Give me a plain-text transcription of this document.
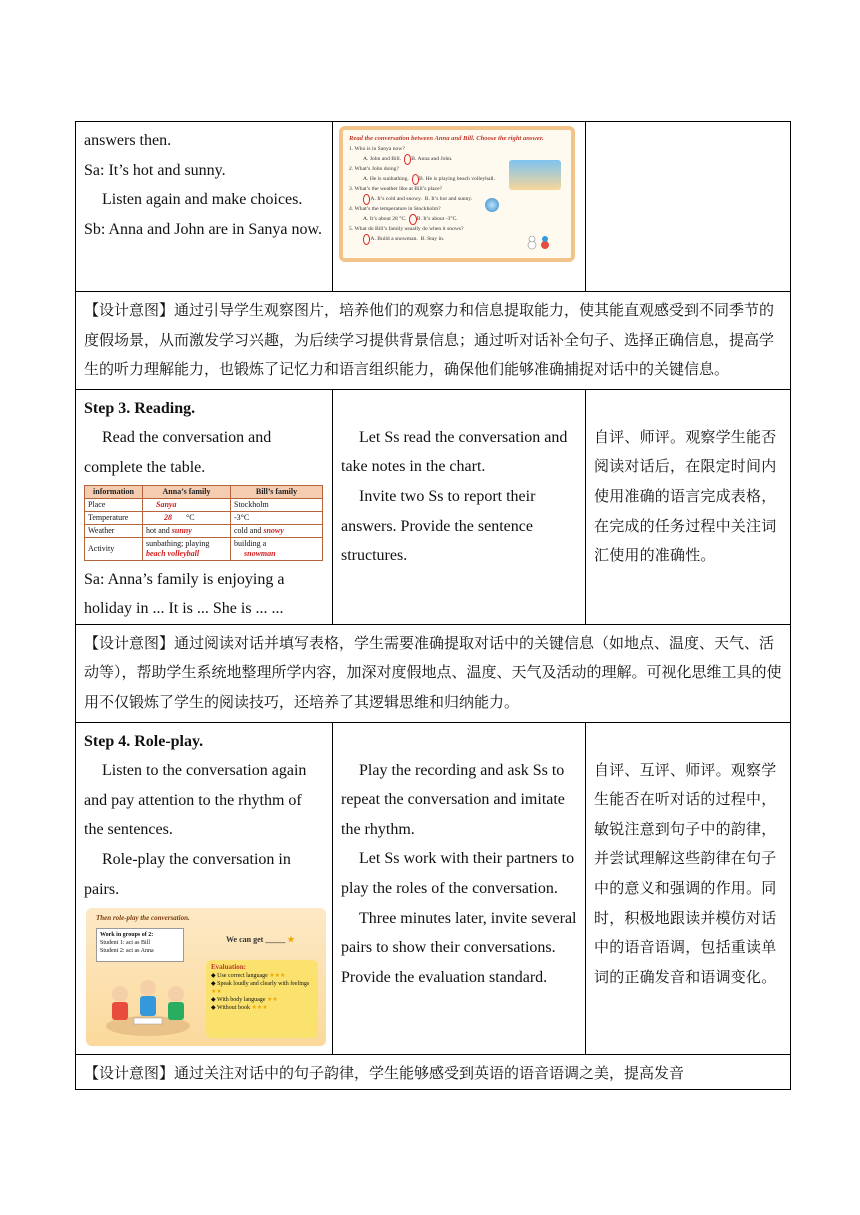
answers then.

Sa: It’s hot and sunny.

Listen again and make choices.

Sb: Anna and John are in Sanya now.

Read the conversation between Anna and Bill. Choose the right answer.
1. Who is in Sanya now?
A. John and Bill. B. Anna and John.
2. What’s John doing?
A. He is sunbathing. B. He is playing beach volleyball.
3. What’s the weather like at Bill’s place?
A. It’s cold and snowy. B. It’s hot and sunny.
4. What’s the temperature in Stockholm?
A. It’s about 28 °C. B. It’s about -3°C.
5. What do Bill’s family usually do when it snows?
A. Build a snowman. B. Stay in.

【设计意图】通过引导学生观察图片，培养他们的观察力和信息提取能力，使其能直观感受到不同季节的度假场景，从而激发学习兴趣，为后续学习提供背景信息；通过听对话补全句子、选择正确信息，提高学生的听力理解能力，也锻炼了记忆力和语言组织能力，确保他们能够准确捕捉对话中的关键信息。

Step 3. Reading.

Read the conversation and complete the table.

information	Anna’s family	Bill’s family
Place	Sanya	Stockholm
Temperature	28 °C	-3°C
Weather	hot and sunny	cold and snowy
Activity	sunbathing; playing beach volleyball	building a
snowman

Sa: Anna’s family is enjoying a holiday in ... It is ... She is ... ...

Let Ss read the conversation and take notes in the chart.

Invite two Ss to report their answers. Provide the sentence structures.

自评、师评。观察学生能否阅读对话后，在限定时间内使用准确的语言完成表格，在完成的任务过程中关注词汇使用的准确性。

【设计意图】通过阅读对话并填写表格，学生需要准确提取对话中的关键信息（如地点、温度、天气、活动等），帮助学生系统地整理所学内容，加深对度假地点、温度、天气及活动的理解。可视化思维工具的使用不仅锻炼了学生的阅读技巧，还培养了其逻辑思维和归纳能力。

Step 4. Role-play.

Listen to the conversation again and pay attention to the rhythm of the sentences.

Role-play the conversation in pairs.

Then role-play the conversation.
Work in groups of 2:
Student 1: act as Bill
Student 2: act as Anna
We can get _____ ★
Evaluation:
◆ Use correct language ★★★
◆ Speak loudly and clearly with feelings ★★
◆ With body language ★★
◆ Without book ★★★

Play the recording and ask Ss to repeat the conversation and imitate the rhythm.

Let Ss work with their partners to play the roles of the conversation.

Three minutes later, invite several pairs to show their conversations. Provide the evaluation standard.

自评、互评、师评。观察学生能否在听对话的过程中，敏锐注意到句子中的韵律，并尝试理解这些韵律在句子中的意义和强调的作用。同时，积极地跟读并模仿对话中的语音语调，包括重读单词的正确发音和语调变化。

【设计意图】通过关注对话中的句子韵律，学生能够感受到英语的语音语调之美，提高发音
